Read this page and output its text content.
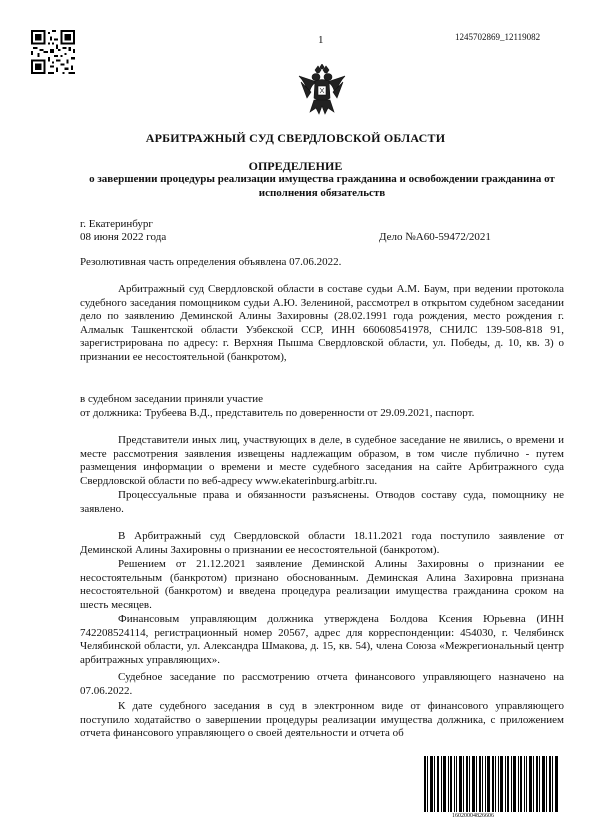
1	1245702869_12119082
АРБИТРАЖНЫЙ СУД СВЕРДЛОВСКОЙ ОБЛАСТИ
ОПРЕДЕЛЕНИЕ
о завершении процедуры реализации имущества гражданина и освобождении гражданина от исполнения обязательств
г. Екатеринбург
08 июня 2022 года	Дело №А60-59472/2021

Резолютивная часть определения объявлена 07.06.2022.

Арбитражный суд Свердловской области в составе судьи А.М. Баум, при ведении протокола судебного заседания помощником судьи А.Ю. Зелениной, рассмотрел в открытом судебном заседании дело по заявлению Деминской Алины Захировны (28.02.1991 года рождения, место рождения г. Алмалык Ташкентской области Узбекской ССР, ИНН 660608541978, СНИЛС 139-508-818 91, зарегистрирована по адресу: г. Верхняя Пышма Свердловской области, ул. Победы, д. 10, кв. 3) о признании ее несостоятельной (банкротом),

в судебном заседании приняли участие

от должника: Трубеева В.Д., представитель по доверенности от 29.09.2021, паспорт.

Представители иных лиц, участвующих в деле, в судебное заседание не явились, о времени и месте рассмотрения заявления извещены надлежащим образом, в том числе публично - путем размещения информации о времени и месте судебного заседания на сайте Арбитражного суда Свердловской области по веб-адресу www.ekaterinburg.arbitr.ru.

Процессуальные права и обязанности разъяснены. Отводов составу суда, помощнику не заявлено.

В Арбитражный суд Свердловской области 18.11.2021 года поступило заявление от Деминской Алины Захировны о признании ее несостоятельной (банкротом).

Решением от 21.12.2021 заявление Деминской Алины Захировны о признании ее несостоятельным (банкротом) признано обоснованным. Деминская Алина Захировна признана несостоятельной (банкротом) и введена процедура реализации имущества гражданина сроком на шесть месяцев.

Финансовым управляющим должника утверждена Болдова Ксения Юрьевна (ИНН 742208524114, регистрационный номер 20567, адрес для корреспонденции: 454030, г. Челябинск Челябинской области, ул. Александра Шмакова, д. 15, кв. 54), члена Союза «Межрегиональный центр арбитражных управляющих».

Судебное заседание по рассмотрению отчета финансового управляющего назначено на 07.06.2022.

К дате судебного заседания в суд в электронном виде от финансового управляющего поступило ходатайство о завершении процедуры реализации имущества должника, с приложением отчета финансового управляющего о своей деятельности и отчета об

16020004826606
